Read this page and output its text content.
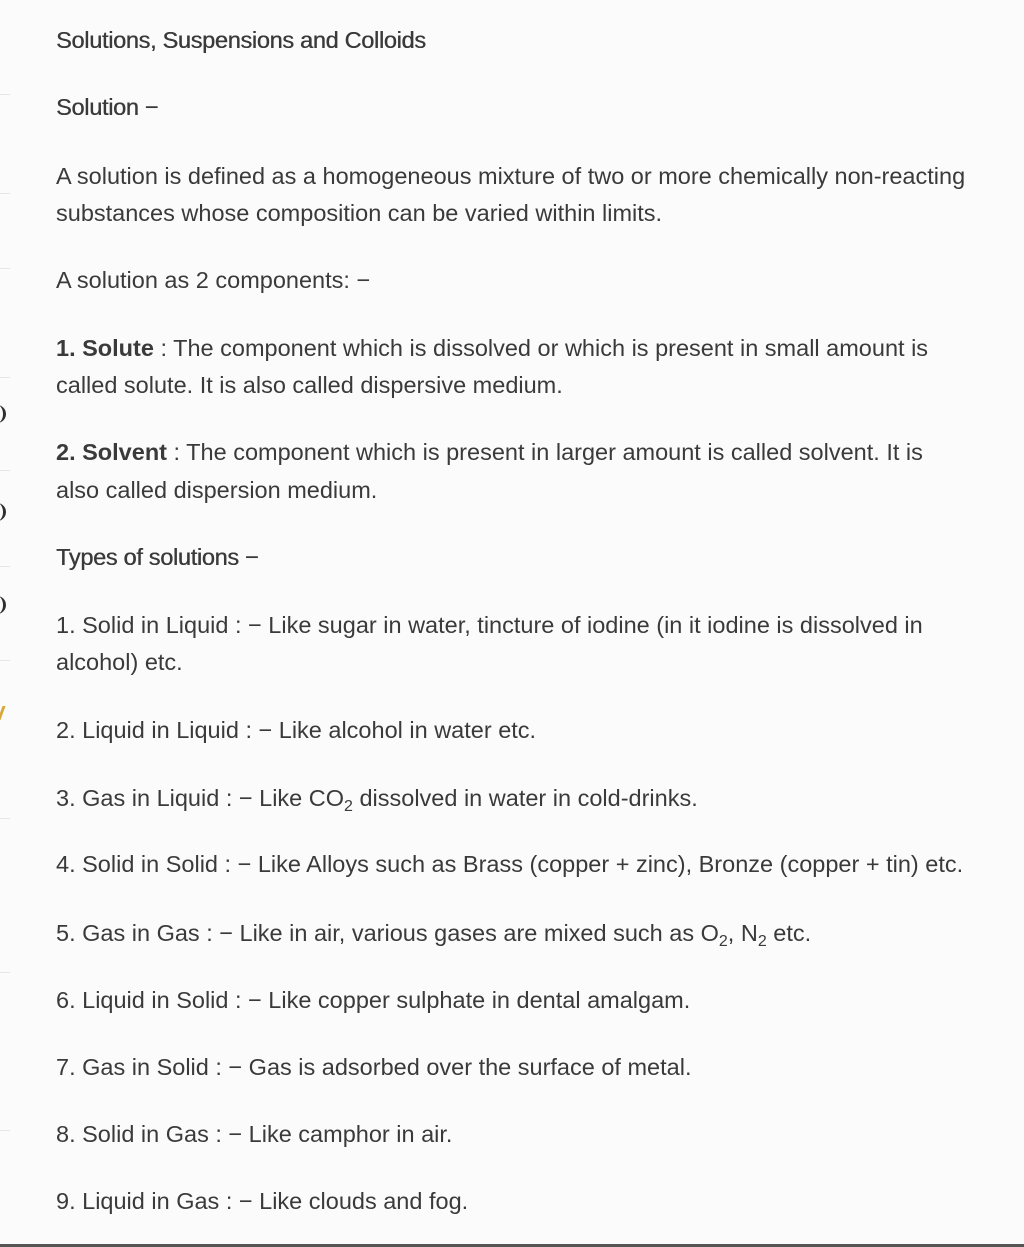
Solutions, Suspensions and Colloids
Solution −

A solution is defined as a homogeneous mixture of two or more chemically non-reacting

substances whose composition can be varied within limits.

A solution as 2 components: −

1. Solute : The component which is dissolved or which is present in small amount is

called solute. It is also called dispersive medium.

2. Solvent : The component which is present in larger amount is called solvent. It is

also called dispersion medium.

Types of solutions −

1. Solid in Liquid : − Like sugar in water, tincture of iodine (in it iodine is dissolved in

alcohol) etc.

2. Liquid in Liquid : − Like alcohol in water etc.

3. Gas in Liquid : − Like $CO_2$ dissolved in water in cold-drinks.

4. Solid in Solid : − Like Alloys such as Brass (copper + zinc), Bronze (copper + tin) etc.

5. Gas in Gas : − Like in air, various gases are mixed such as $O_2$, $N_2$ etc.

6. Liquid in Solid : − Like copper sulphate in dental amalgam.

7. Gas in Solid : − Gas is adsorbed over the surface of metal.

8. Solid in Gas : − Like camphor in air.

9. Liquid in Gas : − Like clouds and fog.
